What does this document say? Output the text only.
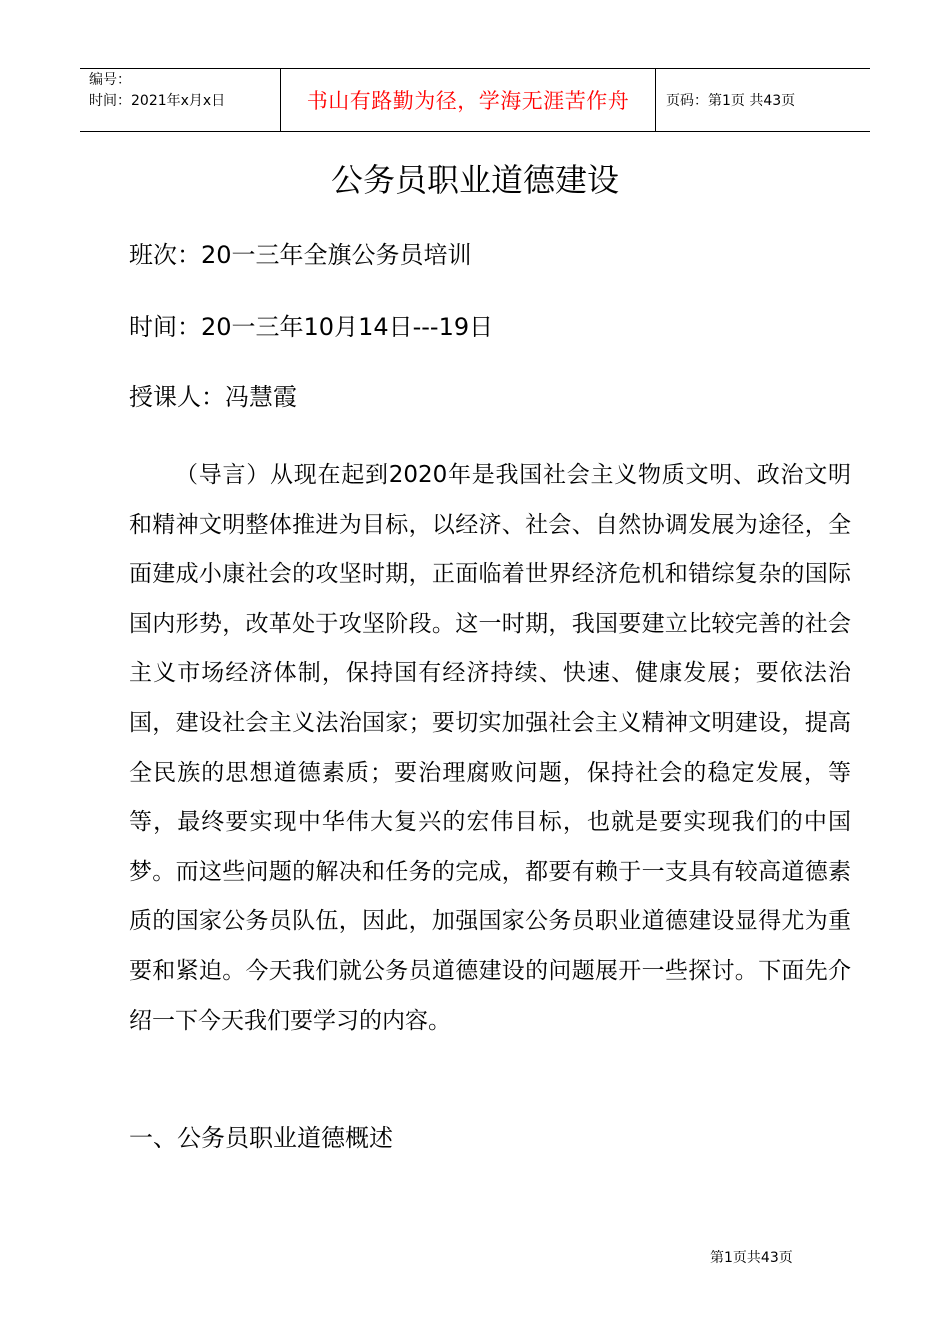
编号：
时间：2021年x月x日	书山有路勤为径，学海无涯苦作舟	页码：第1页 共43页
公务员职业道德建设
班次：20一三年全旗公务员培训
时间：20一三年10月14日---19日
授课人：冯慧霞

（导言）从现在起到2020年是我国社会主义物质文明、政治文明和精神文明整体推进为目标，以经济、社会、自然协调发展为途径，全面建成小康社会的攻坚时期，正面临着世界经济危机和错综复杂的国际国内形势，改革处于攻坚阶段。这一时期，我国要建立比较完善的社会主义市场经济体制，保持国有经济持续、快速、健康发展；要依法治国，建设社会主义法治国家；要切实加强社会主义精神文明建设，提高全民族的思想道德素质；要治理腐败问题，保持社会的稳定发展，等等，最终要实现中华伟大复兴的宏伟目标，也就是要实现我们的中国梦。而这些问题的解决和任务的完成，都要有赖于一支具有较高道德素质的国家公务员队伍，因此，加强国家公务员职业道德建设显得尤为重要和紧迫。今天我们就公务员道德建设的问题展开一些探讨。下面先介绍一下今天我们要学习的内容。

一、公务员职业道德概述
第1页共43页
